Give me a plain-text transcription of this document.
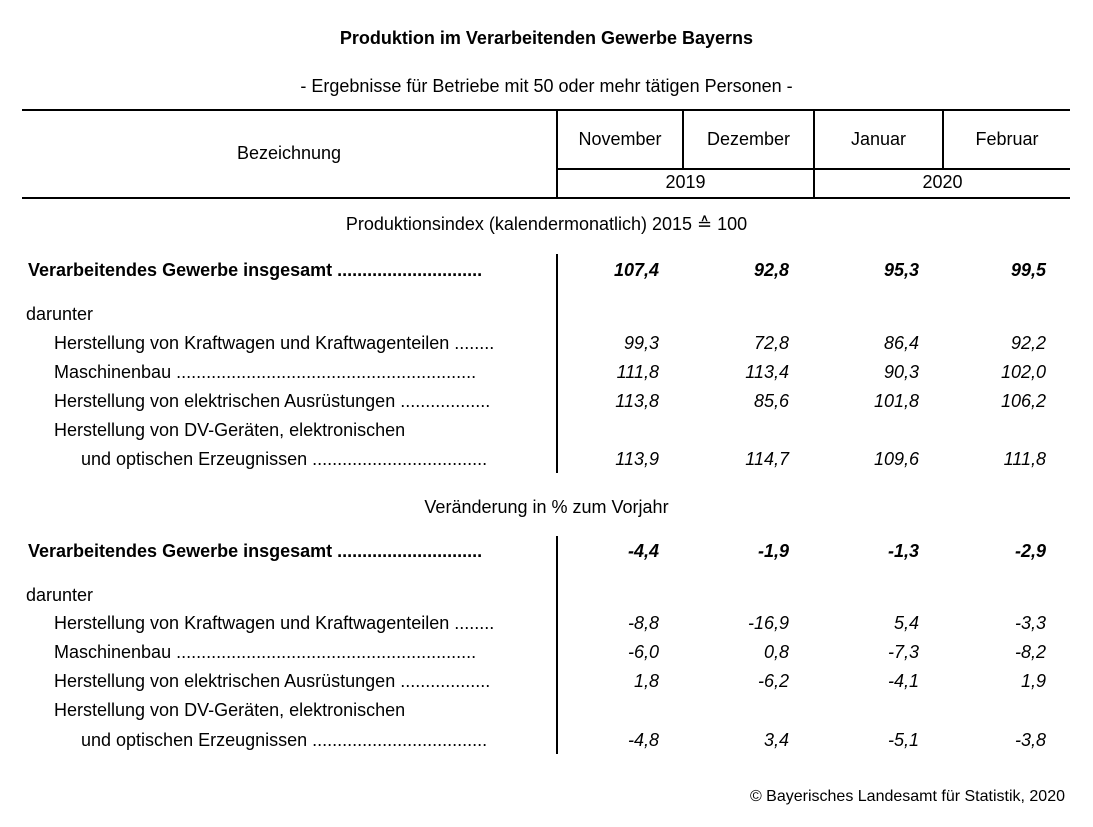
Produktion im Verarbeitenden Gewerbe Bayerns
- Ergebnisse für Betriebe mit 50 oder mehr tätigen Personen -
Bezeichnung
November	Dezember	Januar	Februar
2019	2020
Produktionsindex (kalendermonatlich) 2015 ≙ 100
Verarbeitendes Gewerbe insgesamt .............................	107,4	92,8	95,3	99,5
darunter
Herstellung von Kraftwagen und Kraftwagenteilen ........	99,3	72,8	86,4	92,2
Maschinenbau ............................................................	111,8	113,4	90,3	102,0
Herstellung von elektrischen Ausrüstungen ..................	113,8	85,6	101,8	106,2
Herstellung von DV-Geräten, elektronischen
und optischen Erzeugnissen ...................................	113,9	114,7	109,6	111,8
Veränderung in % zum Vorjahr
Verarbeitendes Gewerbe insgesamt .............................	-4,4	-1,9	-1,3	-2,9
darunter
Herstellung von Kraftwagen und Kraftwagenteilen ........	-8,8	-16,9	5,4	-3,3
Maschinenbau ............................................................	-6,0	0,8	-7,3	-8,2
Herstellung von elektrischen Ausrüstungen ..................	1,8	-6,2	-4,1	1,9
Herstellung von DV-Geräten, elektronischen
und optischen Erzeugnissen ...................................	-4,8	3,4	-5,1	-3,8
© Bayerisches Landesamt für Statistik, 2020
